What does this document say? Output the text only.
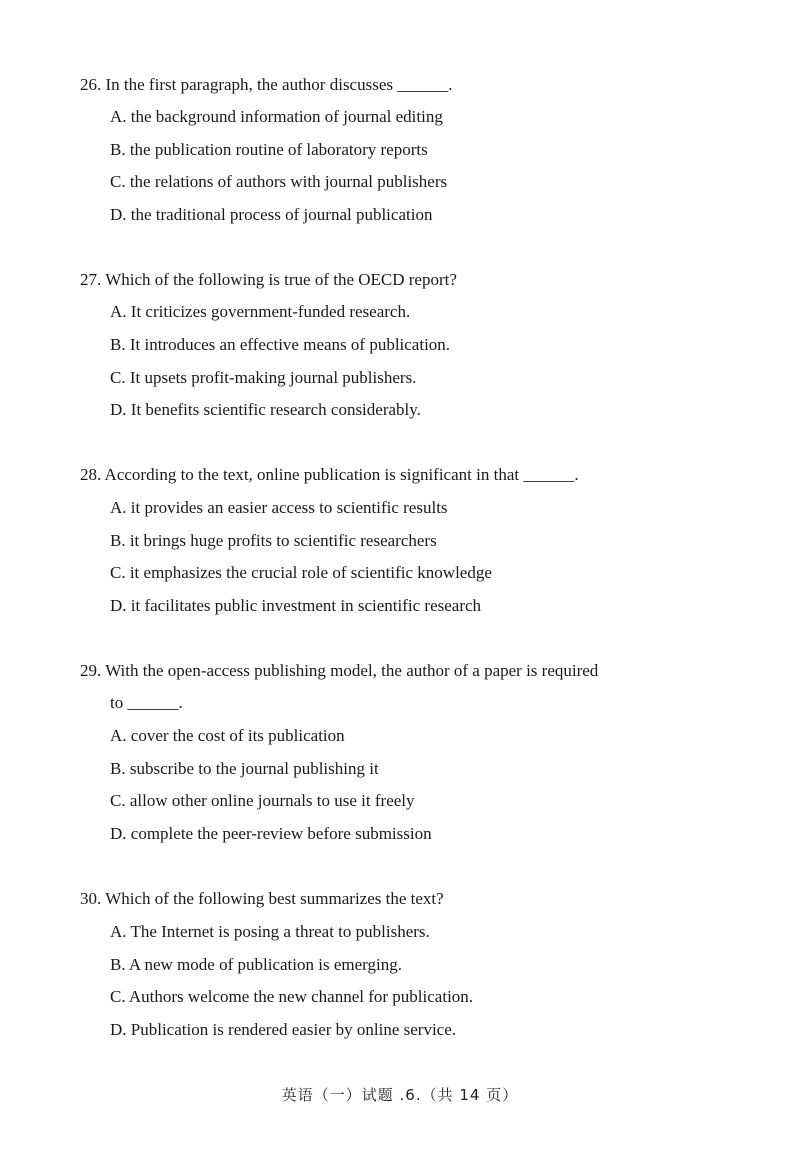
26. In the first paragraph, the author discusses ______.
A. the background information of journal editing
B. the publication routine of laboratory reports
C. the relations of authors with journal publishers
D. the traditional process of journal publication
27. Which of the following is true of the OECD report?
A. It criticizes government-funded research.
B. It introduces an effective means of publication.
C. It upsets profit-making journal publishers.
D. It benefits scientific research considerably.
28. According to the text, online publication is significant in that ______.
A. it provides an easier access to scientific results
B. it brings huge profits to scientific researchers
C. it emphasizes the crucial role of scientific knowledge
D. it facilitates public investment in scientific research
29. With the open-access publishing model, the author of a paper is required
to ______.
A. cover the cost of its publication
B. subscribe to the journal publishing it
C. allow other online journals to use it freely
D. complete the peer-review before submission
30. Which of the following best summarizes the text?
A. The Internet is posing a threat to publishers.
B. A new mode of publication is emerging.
C. Authors welcome the new channel for publication.
D. Publication is rendered easier by online service.
英语（一）试题 .6.（共 14 页）
